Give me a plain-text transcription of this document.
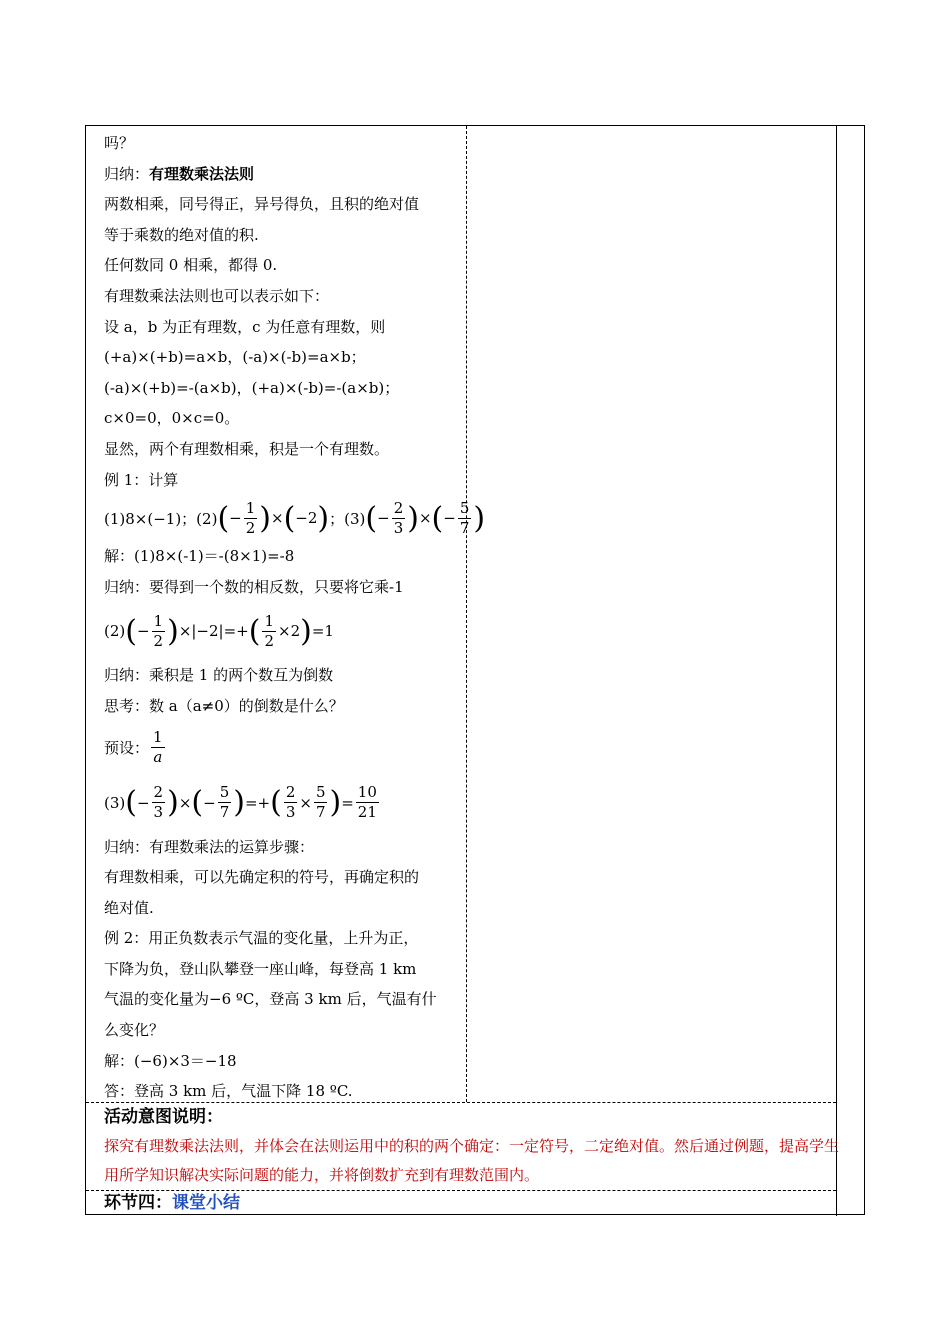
吗？
归纳：有理数乘法法则
两数相乘，同号得正，异号得负，且积的绝对值
等于乘数的绝对值的积.
任何数同 0 相乘，都得 0.
有理数乘法法则也可以表示如下：
设 a，b 为正有理数，c 为任意有理数，则
(+a)×(+b)=a×b，(-a)×(-b)=a×b；
(-a)×(+b)=-(a×b)，(+a)×(-b)=-(a×b)；
c×0=0，0×c=0。
显然，两个有理数相乘，积是一个有理数。
例 1：计算
(1)8×(−1)；(2) ( − $\frac{1}{2}$ ) × ( −2 ) ；(3) ( − $\frac{2}{3}$ ) × ( − $\frac{5}{7}$ )
解：(1)8×(-1)＝-(8×1)=-8
归纳：要得到一个数的相反数，只要将它乘-1
(2) ( − $\frac{1}{2}$ ) ×|−2|=+ ( $\frac{1}{2} \times 2$ ) =1
归纳：乘积是 1 的两个数互为倒数
思考：数 a（a≠0）的倒数是什么？
预设： $\frac{1}{a}$
(3) ( − $\frac{2}{3}$ ) × ( − $\frac{5}{7}$ ) =+ ( $\frac{2}{3} \times \frac{5}{7}$ ) = $\frac{10}{21}$
归纳：有理数乘法的运算步骤：
有理数相乘，可以先确定积的符号，再确定积的
绝对值.
例 2：用正负数表示气温的变化量，上升为正，
下降为负，登山队攀登一座山峰，每登高 1 km
气温的变化量为−6 ºC，登高 3 km 后，气温有什
么变化？
解：(−6)×3＝−18
答：登高 3 km 后，气温下降 18 ºC.
活动意图说明：
探究有理数乘法法则，并体会在法则运用中的积的两个确定：一定符号，二定绝对值。然后通过例题，提高学生用所学知识解决实际问题的能力，并将倒数扩充到有理数范围内。
环节四：课堂小结
